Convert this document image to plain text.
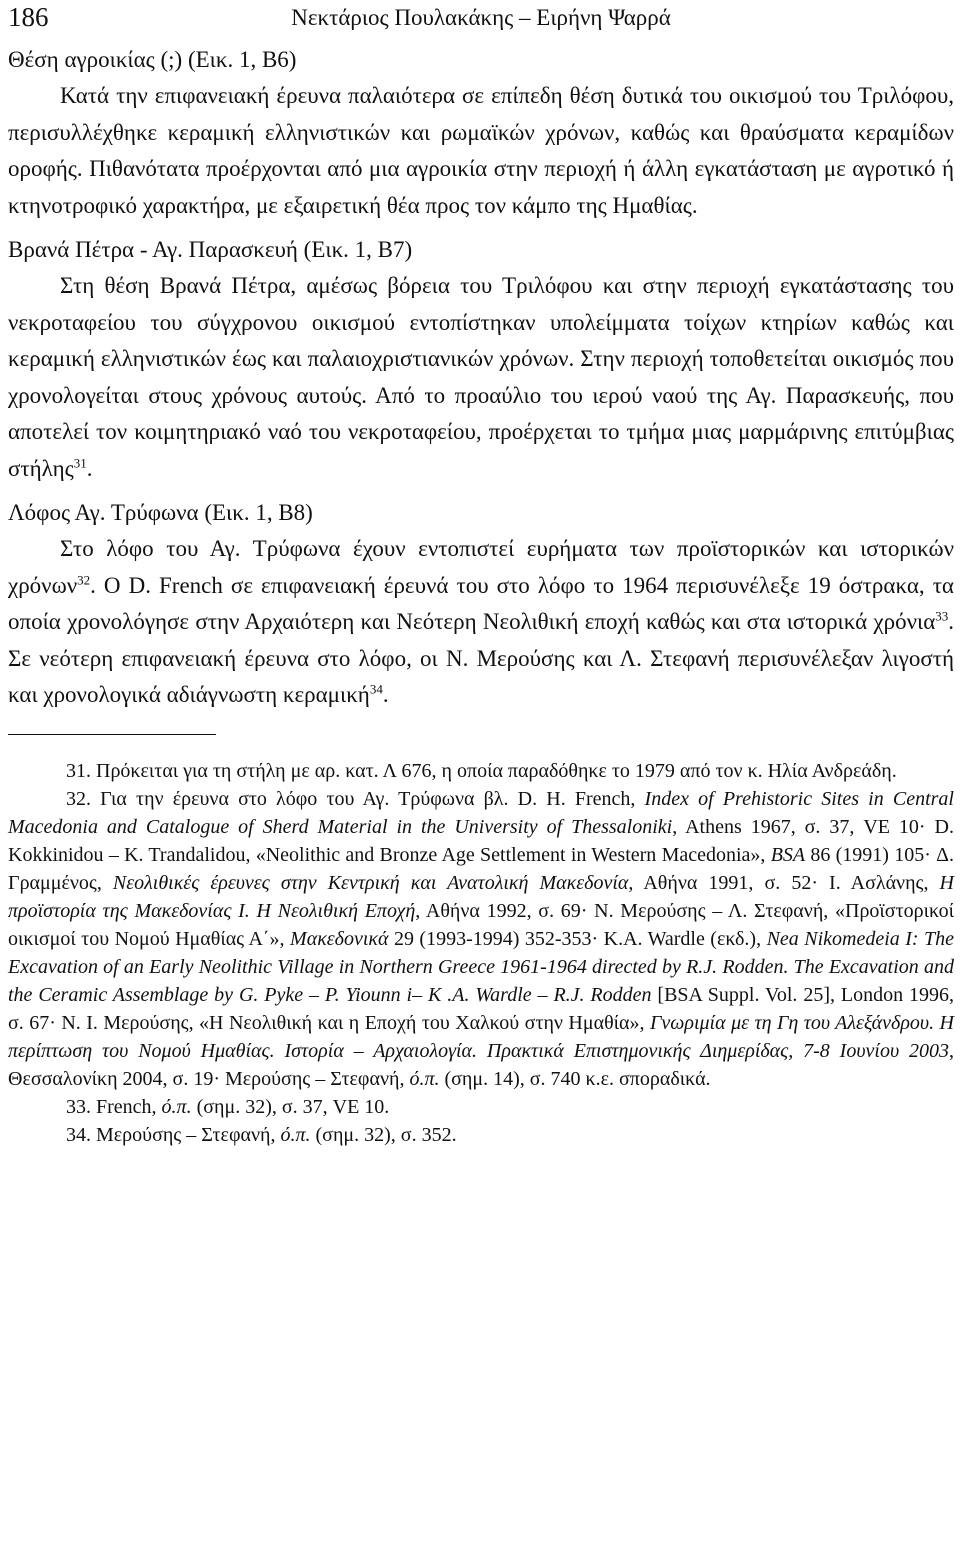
186	Νεκτάριος Πουλακάκης – Ειρήνη Ψαρρά

Θέση αγροικίας (;) (Εικ. 1, Β6)

Κατά την επιφανειακή έρευνα παλαιότερα σε επίπεδη θέση δυτικά του οικισμού του Τριλόφου, περισυλλέχθηκε κεραμική ελληνιστικών και ρωμαϊκών χρόνων, καθώς και θραύσματα κεραμίδων οροφής. Πιθανότατα προέρχονται από μια αγροικία στην περιοχή ή άλλη εγκατάσταση με αγροτικό ή κτηνοτροφικό χαρακτήρα, με εξαιρετική θέα προς τον κάμπο της Ημαθίας.

Βρανά Πέτρα - Αγ. Παρασκευή (Εικ. 1, Β7)

Στη θέση Βρανά Πέτρα, αμέσως βόρεια του Τριλόφου και στην περιοχή εγκατάστασης του νεκροταφείου του σύγχρονου οικισμού εντοπίστηκαν υπολείμματα τοίχων κτηρίων καθώς και κεραμική ελληνιστικών έως και παλαιοχριστιανικών χρόνων. Στην περιοχή τοποθετείται οικισμός που χρονολογείται στους χρόνους αυτούς. Από το προαύλιο του ιερού ναού της Αγ. Παρασκευής, που αποτελεί τον κοιμητηριακό ναό του νεκροταφείου, προέρχεται το τμήμα μιας μαρμάρινης επιτύμβιας στήλης$^{31}$.

Λόφος Αγ. Τρύφωνα (Εικ. 1, Β8)

Στο λόφο του Αγ. Τρύφωνα έχουν εντοπιστεί ευρήματα των προϊστορικών και ιστορικών χρόνων$^{32}$. Ο D. French σε επιφανειακή έρευνά του στο λόφο το 1964 περισυνέλεξε 19 όστρακα, τα οποία χρονολόγησε στην Αρχαιότερη και Νεότερη Νεολιθική εποχή καθώς και στα ιστορικά χρόνια$^{33}$. Σε νεότερη επιφανειακή έρευνα στο λόφο, οι Ν. Μερούσης και Λ. Στεφανή περισυνέλεξαν λιγοστή και χρονολογικά αδιάγνωστη κεραμική$^{34}$.

31. Πρόκειται για τη στήλη με αρ. κατ. Λ 676, η οποία παραδόθηκε το 1979 από τον κ. Ηλία Ανδρεάδη.

32. Για την έρευνα στο λόφο του Αγ. Τρύφωνα βλ. D. H. French, Index of Prehistoric Sites in Central Macedonia and Catalogue of Sherd Material in the University of Thessaloniki, Athens 1967, σ. 37, VE 10· D. Kokkinidou – K. Trandalidou, «Neolithic and Bronze Age Settlement in Western Macedonia», BSA 86 (1991) 105· Δ. Γραμμένος, Νεολιθικές έρευνες στην Κεντρική και Ανατολική Μακεδονία, Αθήνα 1991, σ. 52· Ι. Ασλάνης, Η προϊστορία της Μακεδονίας Ι. Η Νεολιθική Εποχή, Αθήνα 1992, σ. 69· Ν. Μερούσης – Λ. Στεφανή, «Προϊστορικοί οικισμοί του Νομού Ημαθίας Α΄», Μακεδονικά 29 (1993-1994) 352-353· K.A. Wardle (εκδ.), Nea Nikomedeia I: The Excavation of an Early Neolithic Village in Northern Greece 1961-1964 directed by R.J. Rodden. The Excavation and the Ceramic Assemblage by G. Pyke – P. Yiounn i– K .A. Wardle – R.J. Rodden [BSA Suppl. Vol. 25], London 1996, σ. 67· Ν. Ι. Μερούσης, «Η Νεολιθική και η Εποχή του Χαλκού στην Ημαθία», Γνωριμία με τη Γη του Αλεξάνδρου. Η περίπτωση του Νομού Ημαθίας. Ιστορία – Αρχαιολογία. Πρακτικά Επιστημονικής Διημερίδας, 7-8 Ιουνίου 2003, Θεσσαλονίκη 2004, σ. 19· Μερούσης – Στεφανή, ό.π. (σημ. 14), σ. 740 κ.ε. σποραδικά.

33. French, ό.π. (σημ. 32), σ. 37, VE 10.

34. Μερούσης – Στεφανή, ό.π. (σημ. 32), σ. 352.
